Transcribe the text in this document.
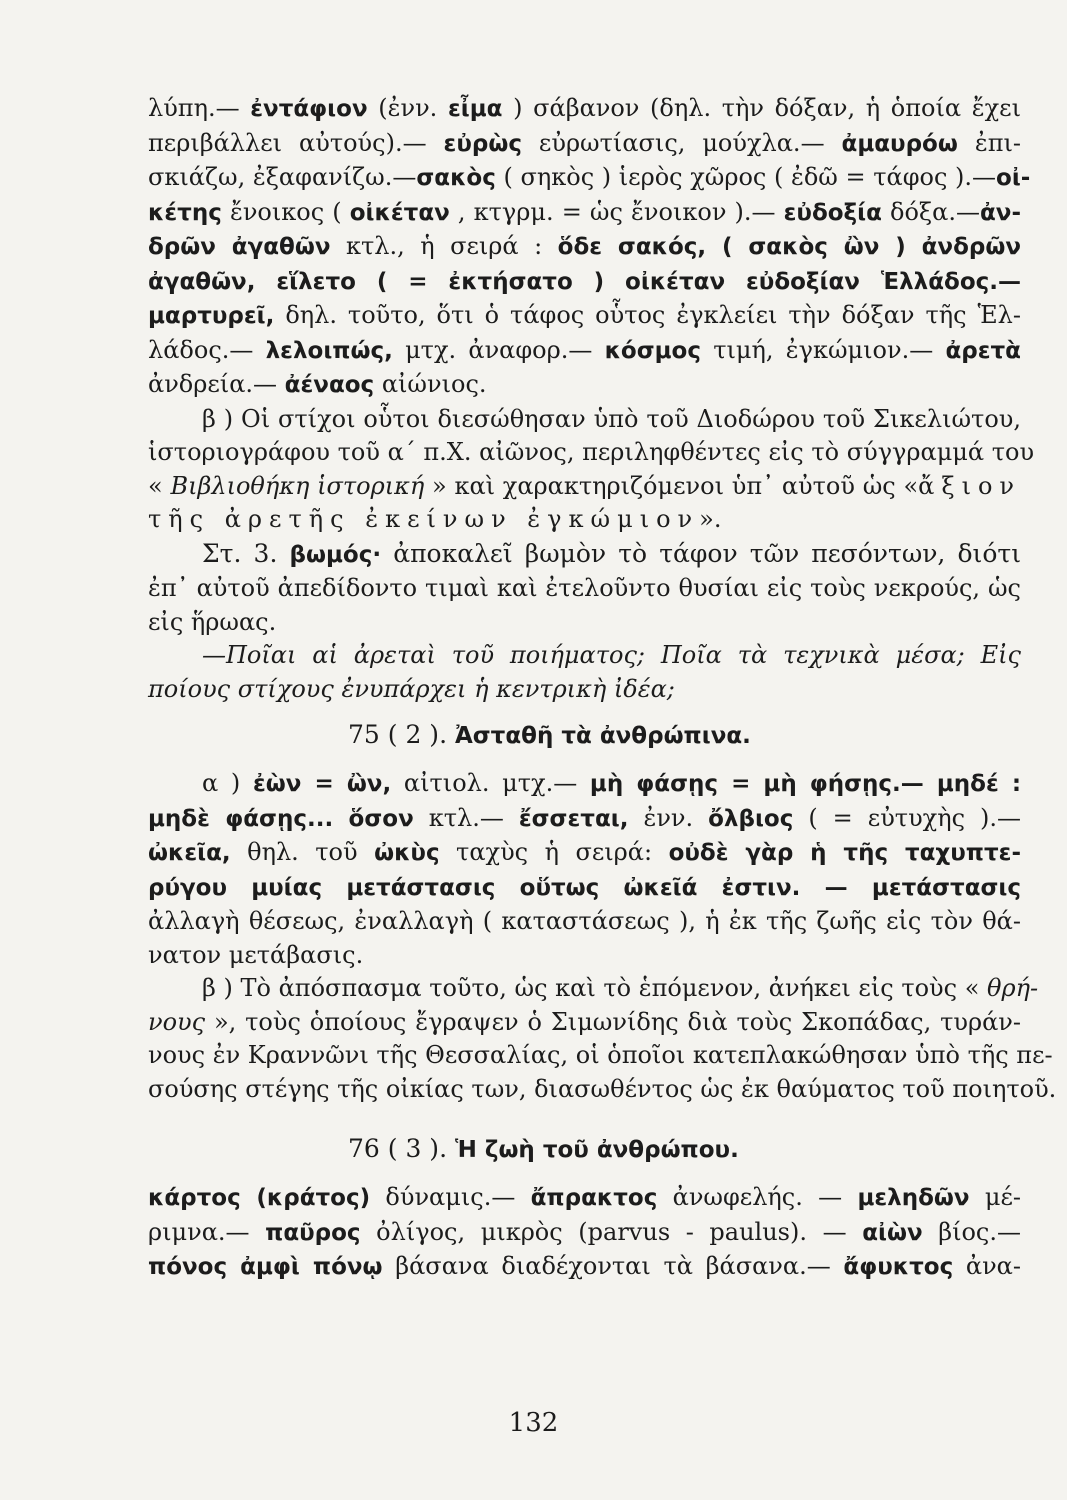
λύπη.— ἐντάφιον (ἐνν. εἶμα ) σάβανον (δηλ. τὴν δόξαν, ἡ ὁποία ἔχει
περιβάλλει αὐτούς).— εὐρὼς εὐρωτίασις, μούχλα.— ἀμαυρόω ἐπι-
σκιάζω, ἐξαφανίζω.—σακὸς ( σηκὸς ) ἱερὸς χῶρος ( ἐδῶ = τάφος ).—οἰ-
κέτης ἔνοικος ( οἰκέταν , κτγρμ. = ὡς ἔνοικον ).— εὐδοξία δόξα.—ἀν-
δρῶν ἀγαθῶν κτλ., ἡ σειρά : ὅδε σακός, ( σακὸς ὢν ) ἀνδρῶν
ἀγαθῶν, εἵλετο ( = ἐκτήσατο ) οἰκέταν εὐδοξίαν Ἑλλάδος.—
μαρτυρεῖ, δηλ. τοῦτο, ὅτι ὁ τάφος οὗτος ἐγκλείει τὴν δόξαν τῆς Ἑλ-
λάδος.— λελοιπώς, μτχ. ἀναφορ.— κόσμος τιμή, ἐγκώμιον.— ἀρετὰ
ἀνδρεία.— ἀέναος αἰώνιος.
β ) Οἱ στίχοι οὗτοι διεσώθησαν ὑπὸ τοῦ Διοδώρου τοῦ Σικελιώτου,
ἱστοριογράφου τοῦ α΄ π.Χ. αἰῶνος, περιληφθέντες εἰς τὸ σύγγραμμά του
« Βιβλιοθήκη ἱστορική » καὶ χαρακτηριζόμενοι ὑπ᾽ αὐτοῦ ὡς «ἄξιον
τῆς ἀρετῆς ἐκείνων ἐγκώμιον».
Στ. 3. βωμός· ἀποκαλεῖ βωμὸν τὸ τάφον τῶν πεσόντων, διότι
ἐπ᾽ αὐτοῦ ἀπεδίδοντο τιμαὶ καὶ ἐτελοῦντο θυσίαι εἰς τοὺς νεκρούς, ὡς
εἰς ἥρωας.
—Ποῖαι αἱ ἀρεταὶ τοῦ ποιήματος; Ποῖα τὰ τεχνικὰ μέσα; Εἰς
ποίους στίχους ἐνυπάρχει ἡ κεντρικὴ ἰδέα;
75 ( 2 ). Ἀσταθῆ τὰ ἀνθρώπινα.
α ) ἐὼν = ὢν, αἰτιολ. μτχ.— μὴ φάσῃς = μὴ φήσῃς.— μηδέ :
μηδὲ φάσῃς... ὅσον κτλ.— ἔσσεται, ἐνν. ὄλβιος ( = εὐτυχὴς ).—
ὠκεῖα, θηλ. τοῦ ὠκὺς ταχὺς ἡ σειρά: οὐδὲ γὰρ ἡ τῆς ταχυπτε-
ρύγου μυίας μετάστασις οὕτως ὠκεῖά ἐστιν. — μετάστασις
ἀλλαγὴ θέσεως, ἐναλλαγὴ ( καταστάσεως ), ἡ ἐκ τῆς ζωῆς εἰς τὸν θά-
νατον μετάβασις.
β ) Τὸ ἀπόσπασμα τοῦτο, ὡς καὶ τὸ ἑπόμενον, ἀνήκει εἰς τοὺς « θρή-
νους », τοὺς ὁποίους ἔγραψεν ὁ Σιμωνίδης διὰ τοὺς Σκοπάδας, τυράν-
νους ἐν Κραννῶνι τῆς Θεσσαλίας, οἱ ὁποῖοι κατεπλακώθησαν ὑπὸ τῆς πε-
σούσης στέγης τῆς οἰκίας των, διασωθέντος ὡς ἐκ θαύματος τοῦ ποιητοῦ.
76 ( 3 ). Ἡ ζωὴ τοῦ ἀνθρώπου.
κάρτος (κράτος) δύναμις.— ἄπρακτος ἀνωφελής. — μεληδῶν μέ-
ριμνα.— παῦρος ὀλίγος, μικρὸς (parvus - paulus). — αἰὼν βίος.—
πόνος ἀμφὶ πόνῳ βάσανα διαδέχονται τὰ βάσανα.— ἄφυκτος ἀνα-
132
